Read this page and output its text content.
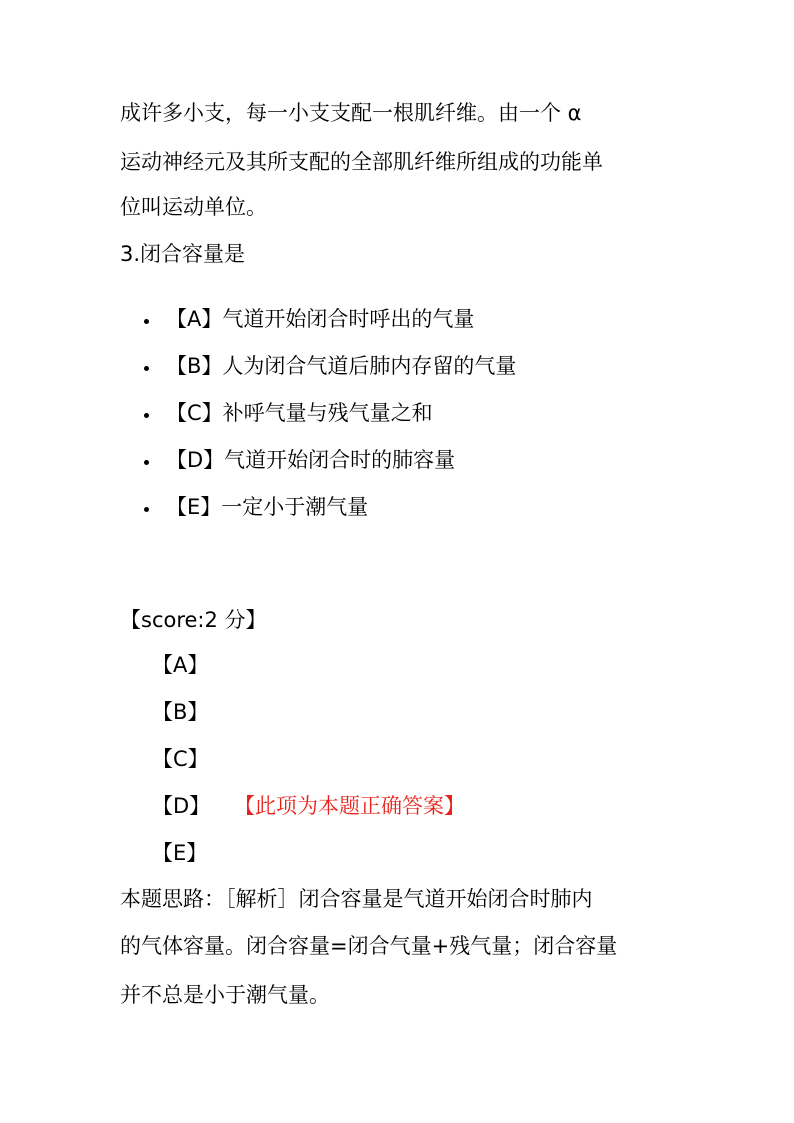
成许多小支，每一小支支配一根肌纤维。由一个 α
运动神经元及其所支配的全部肌纤维所组成的功能单
位叫运动单位。
3.闭合容量是
【A】气道开始闭合时呼出的气量
【B】人为闭合气道后肺内存留的气量
【C】补呼气量与残气量之和
【D】气道开始闭合时的肺容量
【E】一定小于潮气量
【score:2 分】
【A】
【B】
【C】
【D】 【此项为本题正确答案】
【E】
本题思路：［解析］闭合容量是气道开始闭合时肺内
的气体容量。闭合容量=闭合气量+残气量；闭合容量
并不总是小于潮气量。
